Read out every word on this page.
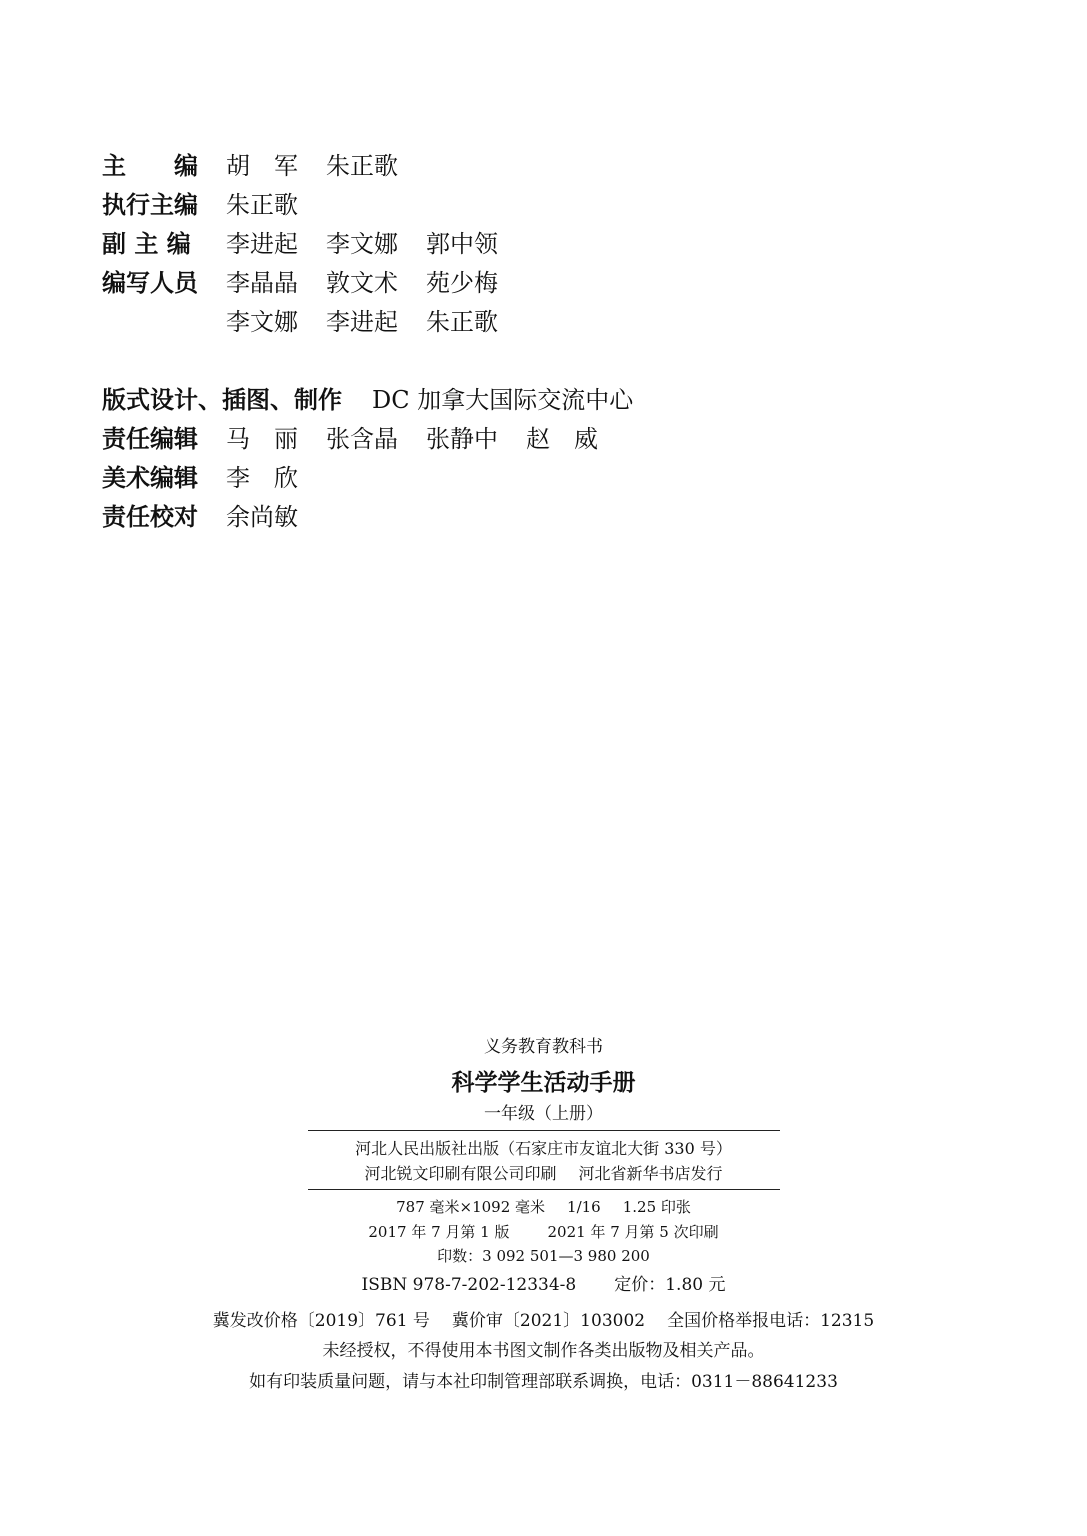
主　　编 胡　军 朱正歌
执行主编 朱正歌
副 主 编 李进起 李文娜 郭中领
编写人员 李晶晶 敦文术 苑少梅
李文娜 李进起 朱正歌
版式设计、插图、制作 DC 加拿大国际交流中心
责任编辑 马　丽 张含晶 张静中 赵　威
美术编辑 李　欣
责任校对 余尚敏
义务教育教科书
科学学生活动手册
一年级（上册）
河北人民出版社出版（石家庄市友谊北大街 330 号）
河北锐文印刷有限公司印刷 河北省新华书店发行
787 毫米×1092 毫米 1/16 1.25 印张
2017 年 7 月第 1 版	2021 年 7 月第 5 次印刷
印数：3 092 501—3 980 200
ISBN 978-7-202-12334-8 定价：1.80 元
冀发改价格〔2019〕761 号 冀价审〔2021〕103002 全国价格举报电话：12315
未经授权，不得使用本书图文制作各类出版物及相关产品。
如有印装质量问题，请与本社印制管理部联系调换，电话：0311－88641233
